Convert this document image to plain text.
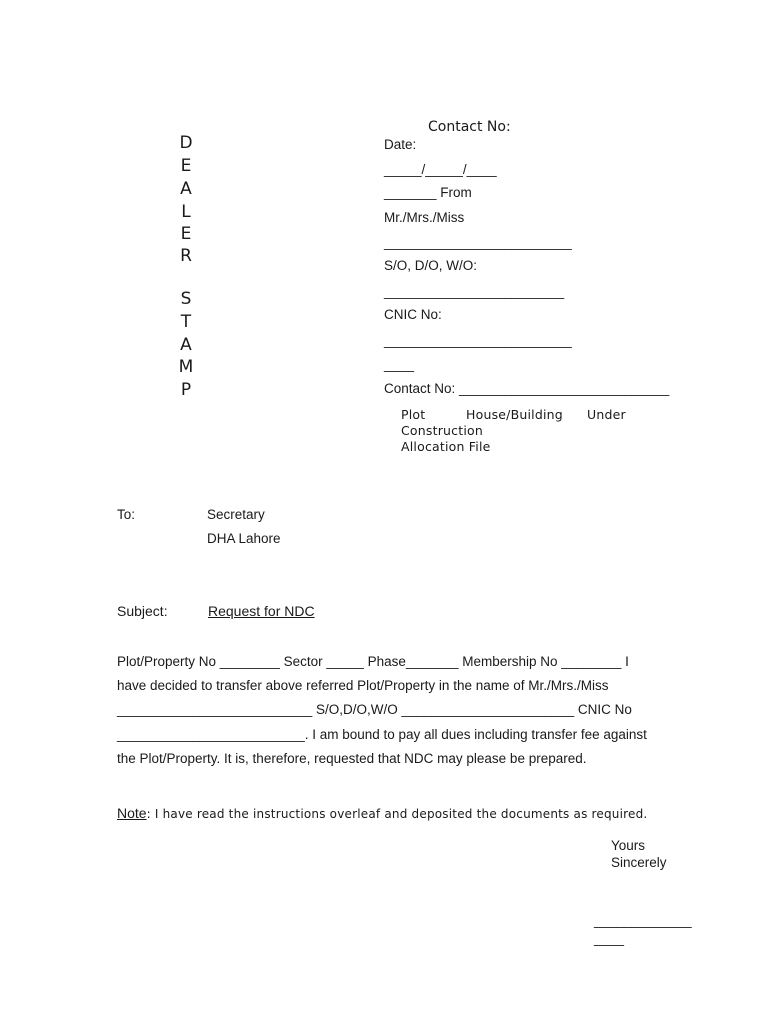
D
E
A
L
E
R
S
T
A
M
P
Contact No:
Date:
_____/_____/____
_______ From
Mr./Mrs./Miss
_________________________
S/O, D/O, W/O:
________________________
CNIC No:
_________________________
____
Contact No: ____________________________
Plot	House/Building Under
Construction
Allocation File
To:	Secretary
DHA Lahore
Subject:	Request for NDC
Plot/Property No ________ Sector _____ Phase_______ Membership No ________ I
have decided to transfer above referred Plot/Property in the name of Mr./Mrs./Miss
__________________________ S/O,D/O,W/O _______________________ CNIC No
_________________________. I am bound to pay all dues including transfer fee against
the Plot/Property. It is, therefore, requested that NDC may please be prepared.
Note: I have read the instructions overleaf and deposited the documents as required.
Yours
Sincerely
_____________
____
